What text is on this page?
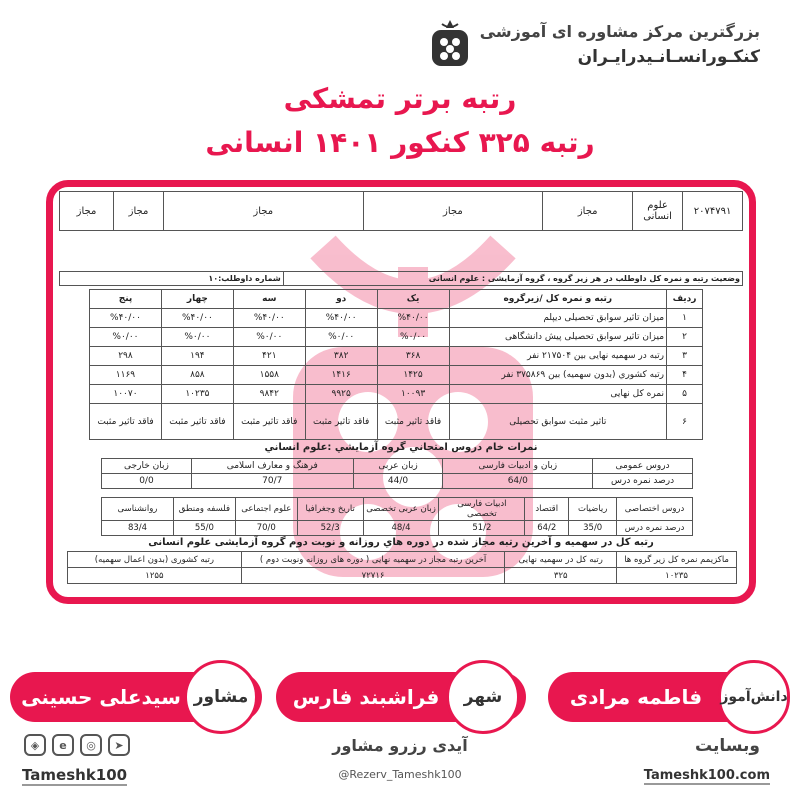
بزرگترین مرکز مشاوره ای آموزشی
کنکـورانسـانـیدرایـران
رتبه برتر تمشکی
رتبه ۳۲۵ کنکور ۱۴۰۱ انسانی
۲۰۷۴۷۹۱	علوم انسانی	مجاز	مجاز	مجاز	مجاز	مجاز
وضعیت رتبه و نمره کل داوطلب در هر زیر گروه ، گروه آزمایشی : علوم انسانی	شماره داوطلب:۱۰
ردیف	رتبه و نمره کل /زیرگروه	یک	دو	سه	چهار	پنج
۱	میزان تاثیر سوابق تحصیلی دیپلم	%۴۰/۰۰	%۴۰/۰۰	%۴۰/۰۰	%۴۰/۰۰	%۴۰/۰۰
۲	میزان تاثیر سوابق تحصیلی پیش دانشگاهی	%۰/۰۰	%۰/۰۰	%۰/۰۰	%۰/۰۰	%۰/۰۰
۳	رتبه در سهمیه نهایی بین ۲۱۷۵۰۴ نفر	۳۶۸	۳۸۲	۴۲۱	۱۹۴	۲۹۸
۴	رتبه کشوري (بدون سهمیه) بین ۳۷۵۸۶۹ نفر	۱۴۲۵	۱۴۱۶	۱۵۵۸	۸۵۸	۱۱۶۹
۵	نمره کل نهایی	۱۰۰۹۳	۹۹۲۵	۹۸۴۲	۱۰۲۳۵	۱۰۰۷۰
۶	تاثیر مثبت سوابق تحصیلی	فاقد تاثیر مثبت	فاقد تاثیر مثبت	فاقد تاثیر مثبت	فاقد تاثیر مثبت	فاقد تاثیر مثبت
نمرات خام دروس امتحاني گروه آزمايشي :علوم انساني
دروس عمومی	زبان و ادبیات فارسی	زبان عربی	فرهنگ و معارف اسلامی	زبان خارجی
درصد نمره درس	64/0	44/0	70/7	0/0
دروس اختصاصی	ریاضیات	اقتصاد	ادبیات فارسی تخصصی	زبان عربی تخصصی	تاریخ وجغرافیا	علوم اجتماعی	فلسفه ومنطق	روانشناسی
درصد نمره درس	35/0	64/2	51/2	48/4	52/3	70/0	55/0	83/4
رتبه کل در سهمیه و آخرین رتبه مجاز شده در دوره هاي روزانه و نوبت دوم گروه آزمایشی علوم انسانی
ماکزیمم نمره کل زیر گروه ها	رتبه کل در سهمیه نهایی	آخرین رتبه مجاز در سهمیه نهایی ( دوره های روزانه ونوبت دوم )	رتبه کشوری (بدون اعمال سهمیه)
۱۰۲۳۵	۳۲۵	۷۲۷۱۶	۱۲۵۵
فاطمه مرادی دانش‌آموز
فراشبند فارس	شهر
سیدعلی حسینی مشاور
◈	e	◎	➤
Tameshk100
آیدی رزرو مشاور
@Rezerv_Tameshk100
وبسایت
Tameshk100.com
